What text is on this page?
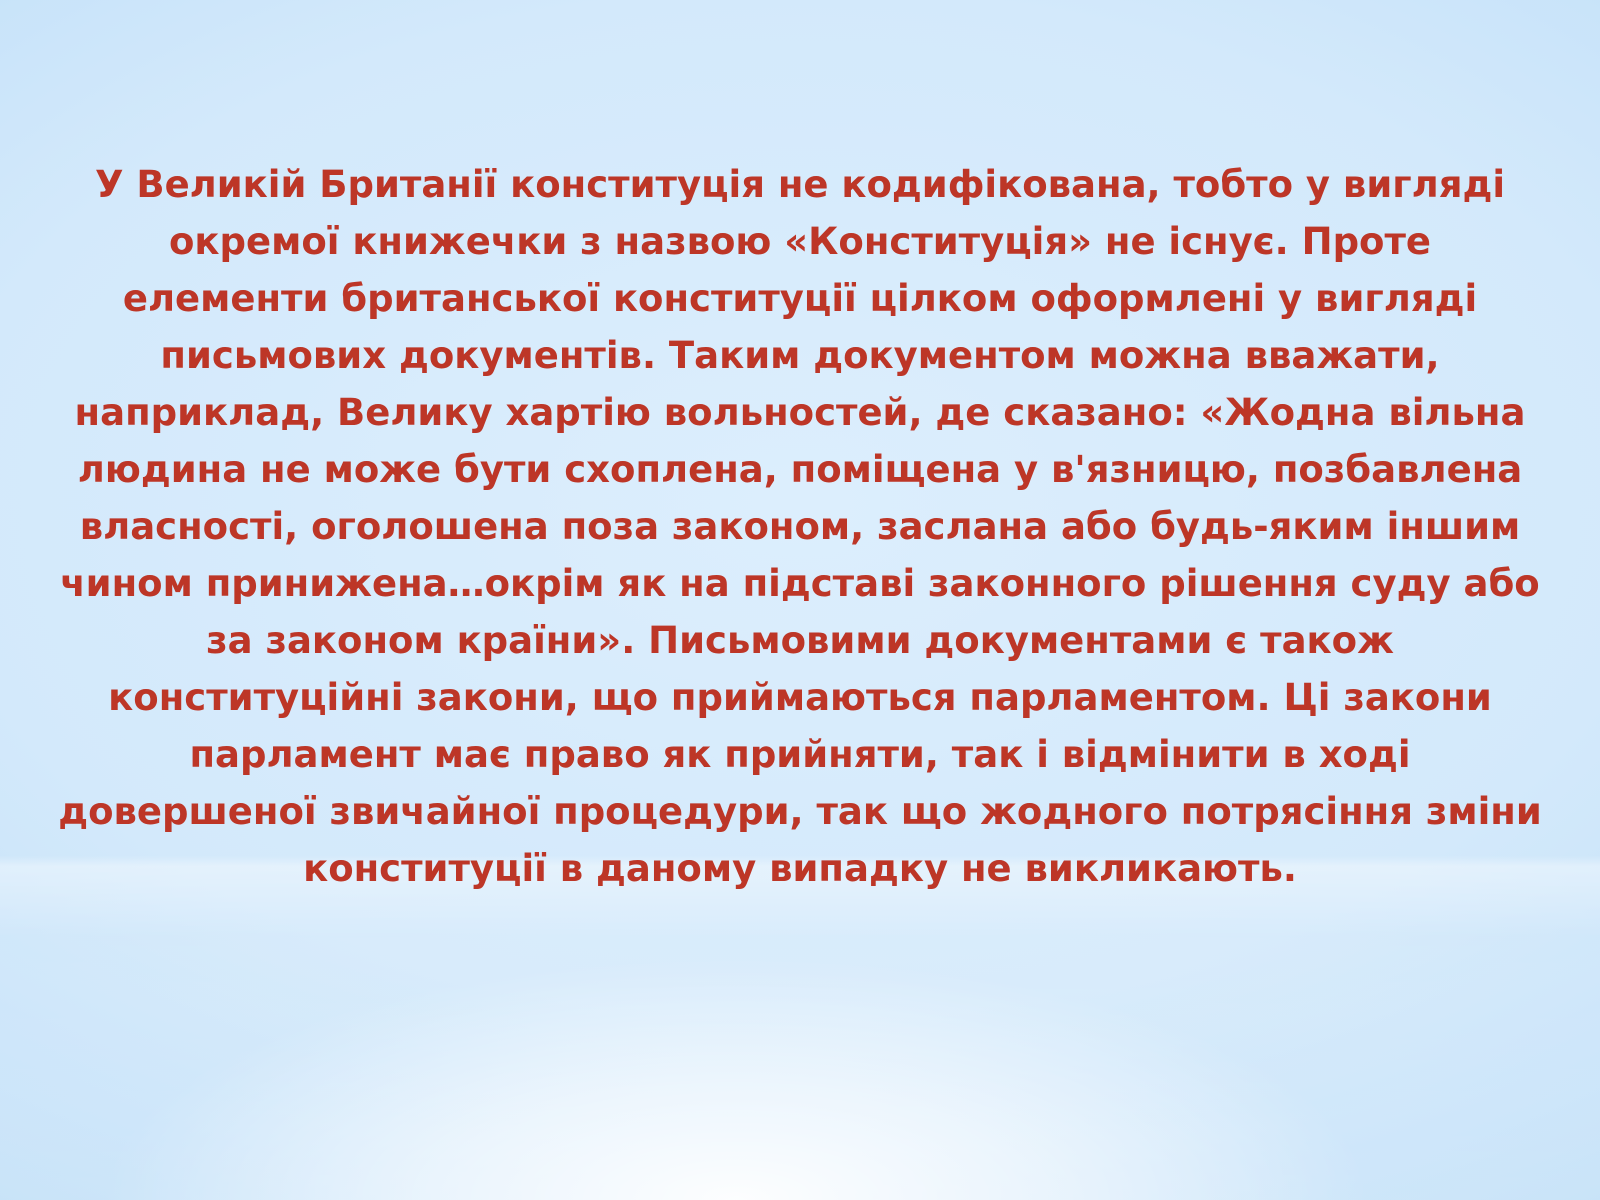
У Великій Британії конституція не кодифікована, тобто у вигляді
окремої книжечки з назвою «Конституція» не існує. Проте
елементи британської конституції цілком оформлені у вигляді
письмових документів. Таким документом можна вважати,
наприклад, Велику хартію вольностей, де сказано: «Жодна вільна
людина не може бути схоплена, поміщена у в'язницю, позбавлена
власності, оголошена поза законом, заслана або будь-яким іншим
чином принижена…окрім як на підставі законного рішення суду або
за законом країни». Письмовими документами є також
конституційні закони, що приймаються парламентом. Ці закони
парламент має право як прийняти, так і відмінити в ході
довершеної звичайної процедури, так що жодного потрясіння зміни
конституції в даному випадку не викликають.
